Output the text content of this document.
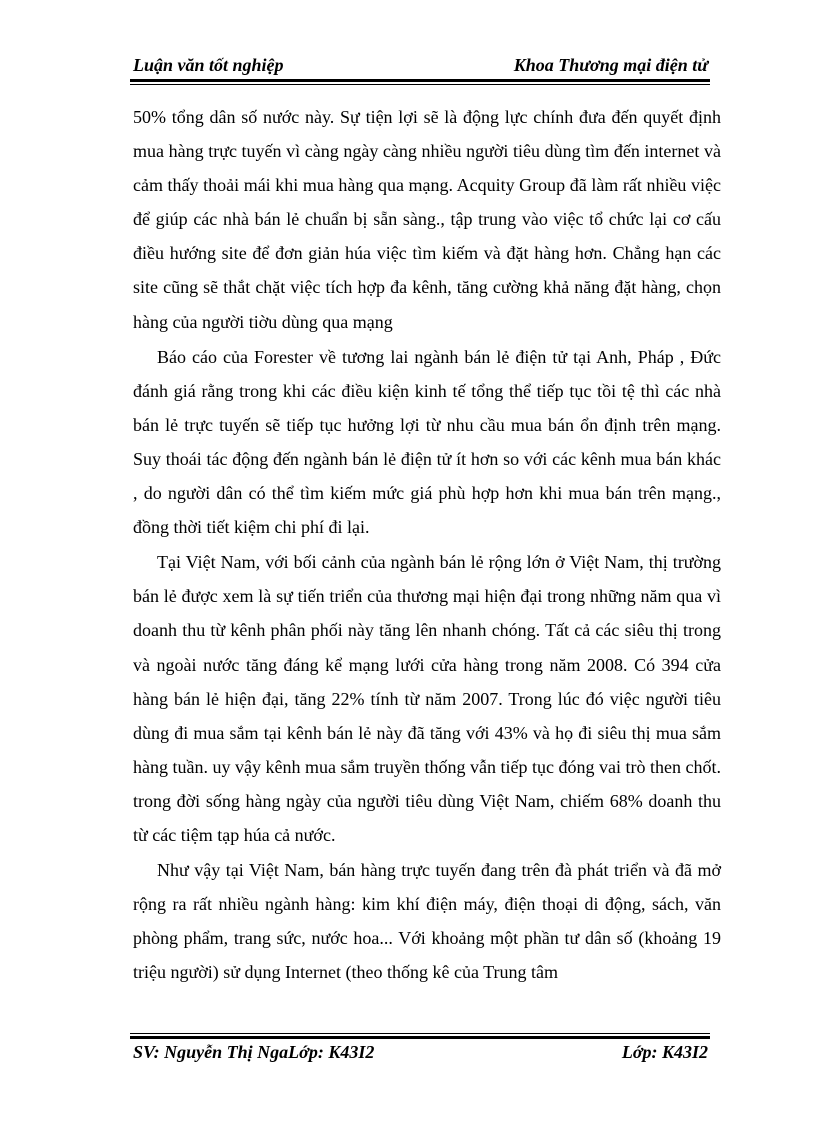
Luận văn tốt nghiệp	Khoa Thương mại điện tử

50% tổng dân số nước này. Sự tiện lợi sẽ là động lực chính đưa đến quyết định mua hàng trực tuyến vì càng ngày càng nhiều người tiêu dùng tìm đến internet và cảm thấy thoải mái khi mua hàng qua mạng. Acquity Group đã làm rất nhiều việc để giúp các nhà bán lẻ chuẩn bị sẵn sàng., tập trung vào việc tổ chức lại cơ cấu điều hướng site để đơn giản húa việc tìm kiếm và đặt hàng hơn. Chẳng hạn các site cũng sẽ thắt chặt việc tích hợp đa kênh, tăng cường khả năng đặt hàng, chọn hàng của người tiờu dùng qua mạng

Báo cáo của Forester về tương lai ngành bán lẻ điện tử tại Anh, Pháp , Đức đánh giá rằng trong khi các điều kiện kinh tế tổng thể tiếp tục tồi tệ thì các nhà bán lẻ trực tuyến sẽ tiếp tục hưởng lợi từ nhu cầu mua bán ổn định trên mạng. Suy thoái tác động đến ngành bán lẻ điện tử ít hơn so với các kênh mua bán khác , do người dân có thể tìm kiếm mức giá phù hợp hơn khi mua bán trên mạng., đồng thời tiết kiệm chi phí đi lại.

Tại Việt Nam, với bối cảnh của ngành bán lẻ rộng lớn ở Việt Nam, thị trường bán lẻ được xem là sự tiến triển của thương mại hiện đại trong những năm qua vì doanh thu từ kênh phân phối này tăng lên nhanh chóng. Tất cả các siêu thị trong và ngoài nước tăng đáng kể mạng lưới cửa hàng trong năm 2008. Có 394 cửa hàng bán lẻ hiện đại, tăng 22% tính từ năm 2007. Trong lúc đó việc người tiêu dùng đi mua sắm tại kênh bán lẻ này đã tăng với 43% và họ đi siêu thị mua sắm hàng tuần. uy vậy kênh mua sắm truyền thống vẫn tiếp tục đóng vai trò then chốt. trong đời sống hàng ngày của người tiêu dùng Việt Nam, chiếm 68% doanh thu từ các tiệm tạp húa cả nước.

Như vậy tại Việt Nam, bán hàng trực tuyến đang trên đà phát triển và đã mở rộng ra rất nhiều ngành hàng: kim khí điện máy, điện thoại di động, sách, văn phòng phẩm, trang sức, nước hoa... Với khoảng một phần tư dân số (khoảng 19 triệu người) sử dụng Internet (theo thống kê của Trung tâm

SV: Nguyễn Thị NgaLớp: K43I2	Lớp: K43I2
